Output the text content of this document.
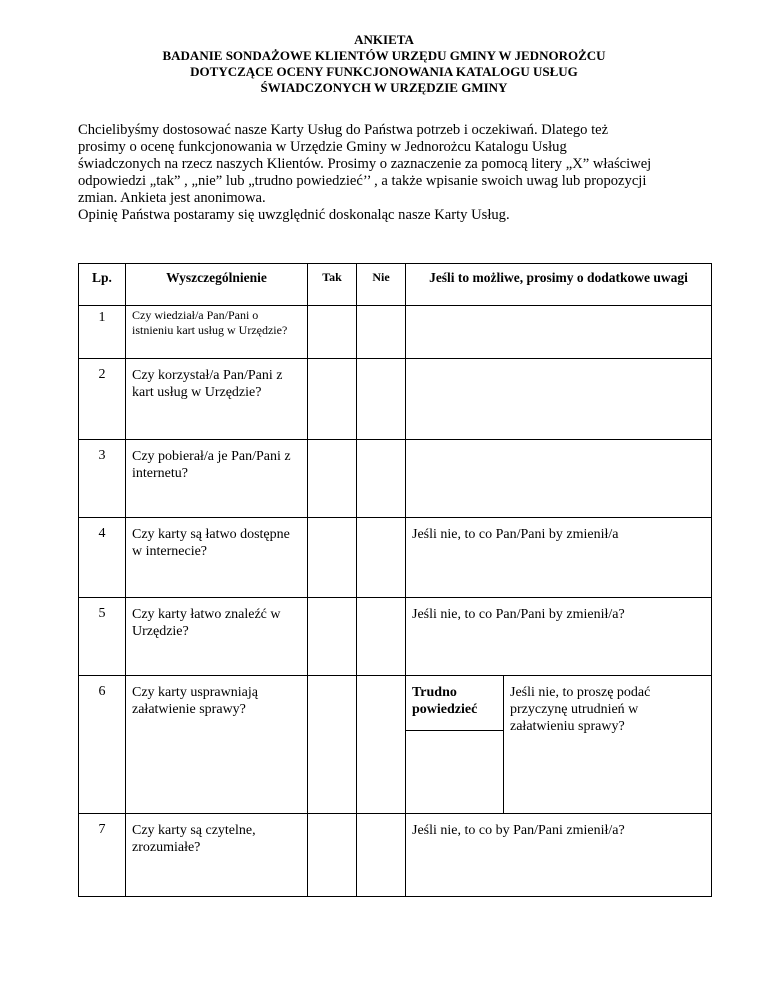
ANKIETA
BADANIE SONDAŻOWE KLIENTÓW URZĘDU GMINY W JEDNOROŻCU
DOTYCZĄCE OCENY FUNKCJONOWANIA KATALOGU USŁUG
ŚWIADCZONYCH W URZĘDZIE GMINY
Chcielibyśmy dostosować nasze Karty Usług do Państwa potrzeb i oczekiwań. Dlatego też
prosimy o ocenę funkcjonowania w Urzędzie Gminy w Jednorożcu Katalogu Usług
świadczonych na rzecz naszych Klientów. Prosimy o zaznaczenie za pomocą litery „X” właściwej
odpowiedzi „tak” , „nie” lub „trudno powiedzieć’’ , a także wpisanie swoich uwag lub propozycji
zmian. Ankieta jest anonimowa.
Opinię Państwa postaramy się uwzględnić doskonaląc nasze Karty Usług.
Lp.	Wyszczególnienie	Tak	Nie	Jeśli to możliwe, prosimy o dodatkowe uwagi	
1	Czy wiedział/a Pan/Pani o istnieniu kart usług w Urzędzie?				
2	Czy korzystał/a Pan/Pani z kart usług w Urzędzie?				
3	Czy pobierał/a je Pan/Pani z internetu?				
4	Czy karty są łatwo dostępne w internecie?			Jeśli nie, to co Pan/Pani by zmienił/a	
5	Czy karty łatwo znaleźć w Urzędzie?			Jeśli nie, to co Pan/Pani by zmienił/a?	
6	Czy karty usprawniają załatwienie sprawy?			Trudno powiedzieć	Jeśli nie, to proszę podać przyczynę utrudnień w załatwieniu sprawy?

7	Czy karty są czytelne, zrozumiałe?			Jeśli nie, to co by Pan/Pani zmienił/a?	
